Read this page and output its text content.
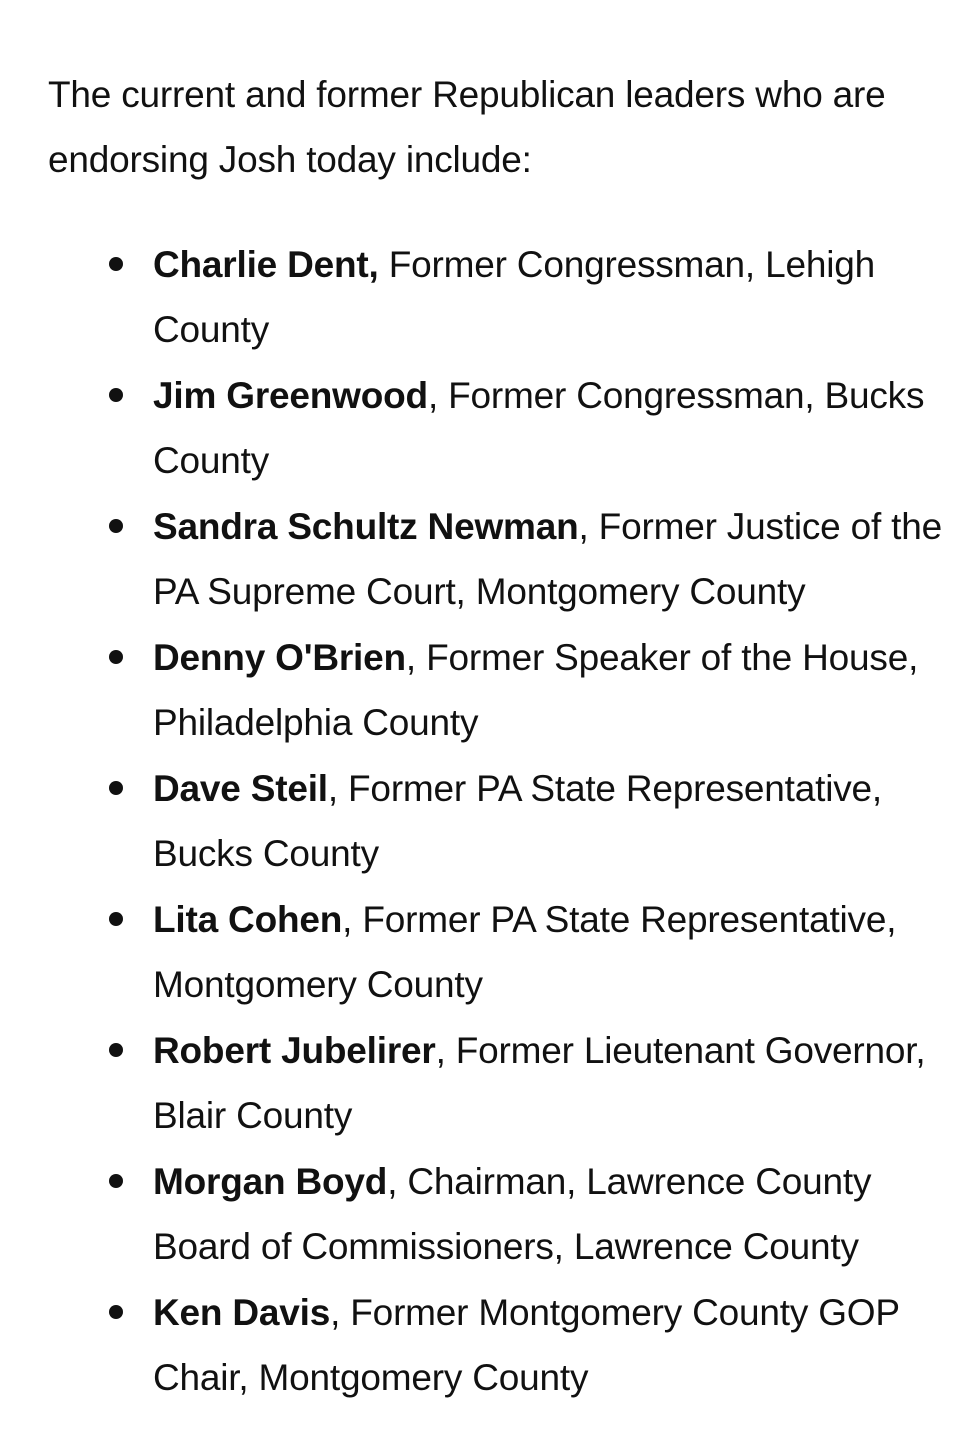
The current and former Republican leaders who are endorsing Josh today include:

Charlie Dent, Former Congressman, Lehigh County
Jim Greenwood, Former Congressman, Bucks County
Sandra Schultz Newman, Former Justice of the PA Supreme Court, Montgomery County
Denny O'Brien, Former Speaker of the House, Philadelphia County
Dave Steil, Former PA State Representative, Bucks County
Lita Cohen, Former PA State Representative, Montgomery County
Robert Jubelirer, Former Lieutenant Governor, Blair County
Morgan Boyd, Chairman, Lawrence County Board of Commissioners, Lawrence County
Ken Davis, Former Montgomery County GOP Chair, Montgomery County
